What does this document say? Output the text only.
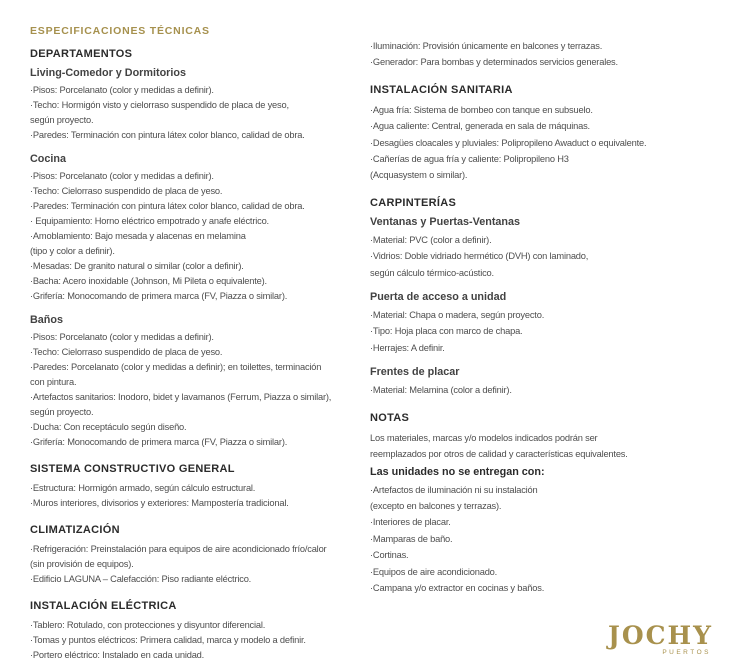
ESPECIFICACIONES TÉCNICAS
DEPARTAMENTOS
Living-Comedor y Dormitorios

·Pisos: Porcelanato (color y medidas a definir).

·Techo: Hormigón visto y cielorraso suspendido de placa de yeso,

según proyecto.

·Paredes: Terminación con pintura látex color blanco, calidad de obra.

Cocina

·Pisos: Porcelanato (color y medidas a definir).

·Techo: Cielorraso suspendido de placa de yeso.

·Paredes: Terminación con pintura látex color blanco, calidad de obra.

· Equipamiento: Horno eléctrico empotrado y anafe eléctrico.

·Amoblamiento: Bajo mesada y alacenas en melamina

(tipo y color a definir).

·Mesadas: De granito natural o similar (color a definir).

·Bacha: Acero inoxidable (Johnson, Mi Pileta o equivalente).

·Grifería: Monocomando de primera marca (FV, Piazza o similar).

Baños

·Pisos: Porcelanato (color y medidas a definir).

·Techo: Cielorraso suspendido de placa de yeso.

·Paredes: Porcelanato (color y medidas a definir); en toilettes, terminación

con pintura.

·Artefactos sanitarios: Inodoro, bidet y lavamanos (Ferrum, Piazza o similar),

según proyecto.

·Ducha: Con receptáculo según diseño.

·Grifería: Monocomando de primera marca (FV, Piazza o similar).

SISTEMA CONSTRUCTIVO GENERAL

·Estructura: Hormigón armado, según cálculo estructural.

·Muros interiores, divisorios y exteriores: Mampostería tradicional.

CLIMATIZACIÓN

·Refrigeración: Preinstalación para equipos de aire acondicionado frío/calor

(sin provisión de equipos).

·Edificio LAGUNA – Calefacción: Piso radiante eléctrico.

INSTALACIÓN ELÉCTRICA

·Tablero: Rotulado, con protecciones y disyuntor diferencial.

·Tomas y puntos eléctricos: Primera calidad, marca y modelo a definir.

·Portero eléctrico: Instalado en cada unidad.

·Iluminación: Provisión únicamente en balcones y terrazas.

·Generador: Para bombas y determinados servicios generales.

INSTALACIÓN SANITARIA

·Agua fría: Sistema de bombeo con tanque en subsuelo.

·Agua caliente: Central, generada en sala de máquinas.

·Desagües cloacales y pluviales: Polipropileno Awaduct o equivalente.

·Cañerías de agua fría y caliente: Polipropileno H3

(Acquasystem o similar).

CARPINTERÍAS
Ventanas y Puertas-Ventanas

·Material: PVC (color a definir).

·Vidrios: Doble vidriado hermético (DVH) con laminado,

según cálculo térmico-acústico.

Puerta de acceso a unidad

·Material: Chapa o madera, según proyecto.

·Tipo: Hoja placa con marco de chapa.

·Herrajes: A definir.

Frentes de placar

·Material: Melamina (color a definir).

NOTAS

Los materiales, marcas y/o modelos indicados podrán ser

reemplazados por otros de calidad y características equivalentes.

Las unidades no se entregan con:

·Artefactos de iluminación ni su instalación

(excepto en balcones y terrazas).

·Interiores de placar.

·Mamparas de baño.

·Cortinas.

·Equipos de aire acondicionado.

·Campana y/o extractor en cocinas y baños.

JOCHY
PUERTOS
